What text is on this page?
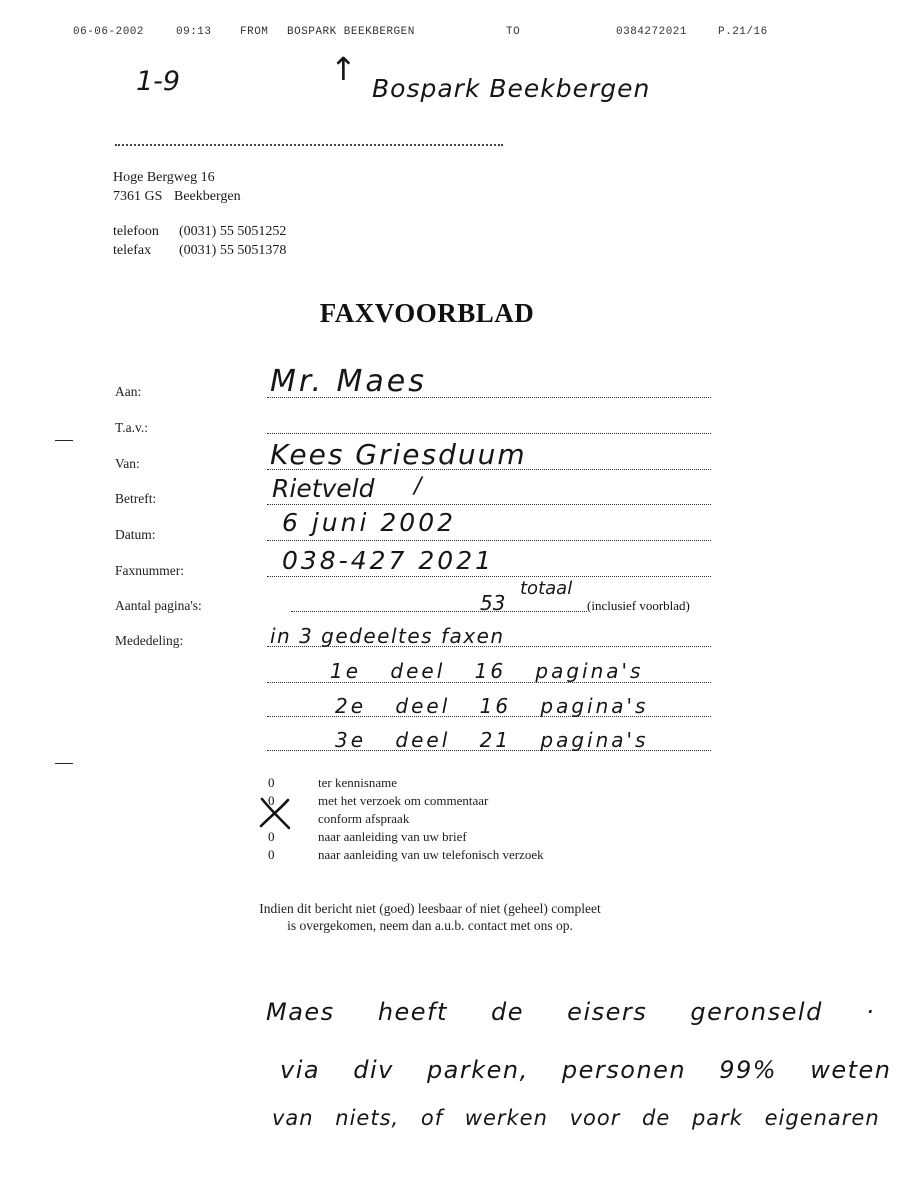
06-06-2002	09:13	FROM BOSPARK BEEKBERGEN	TO	0384272021	P.21/16
1-9	↑
Bospark Beekbergen
Hoge Bergweg 16
7361 GS Beekbergen
telefoon (0031) 55 5051252
telefax (0031) 55 5051378
FAXVOORBLAD
Aan:	Mr. Maes
T.a.v.:
Van:	Kees Griesduum
Betreft:	Rietveld /
Datum:	6 juni 2002
Faxnummer:	038-427 2021
Aantal pagina's:	53
totaal
(inclusief voorblad)
Mededeling:	in 3 gedeeltes faxen
1e deel 16 pagina's
2e deel 16 pagina's
3e deel 21 pagina's
0	ter kennisname
0	met het verzoek om commentaar
conform afspraak
0	naar aanleiding van uw brief
0	naar aanleiding van uw telefonisch verzoek
Indien dit bericht niet (goed) leesbaar of niet (geheel) compleet
is overgekomen, neem dan a.u.b. contact met ons op.
Maes heeft de eisers geronseld ·
via div parken, personen 99% weten
van niets, of werken voor de park eigenaren
